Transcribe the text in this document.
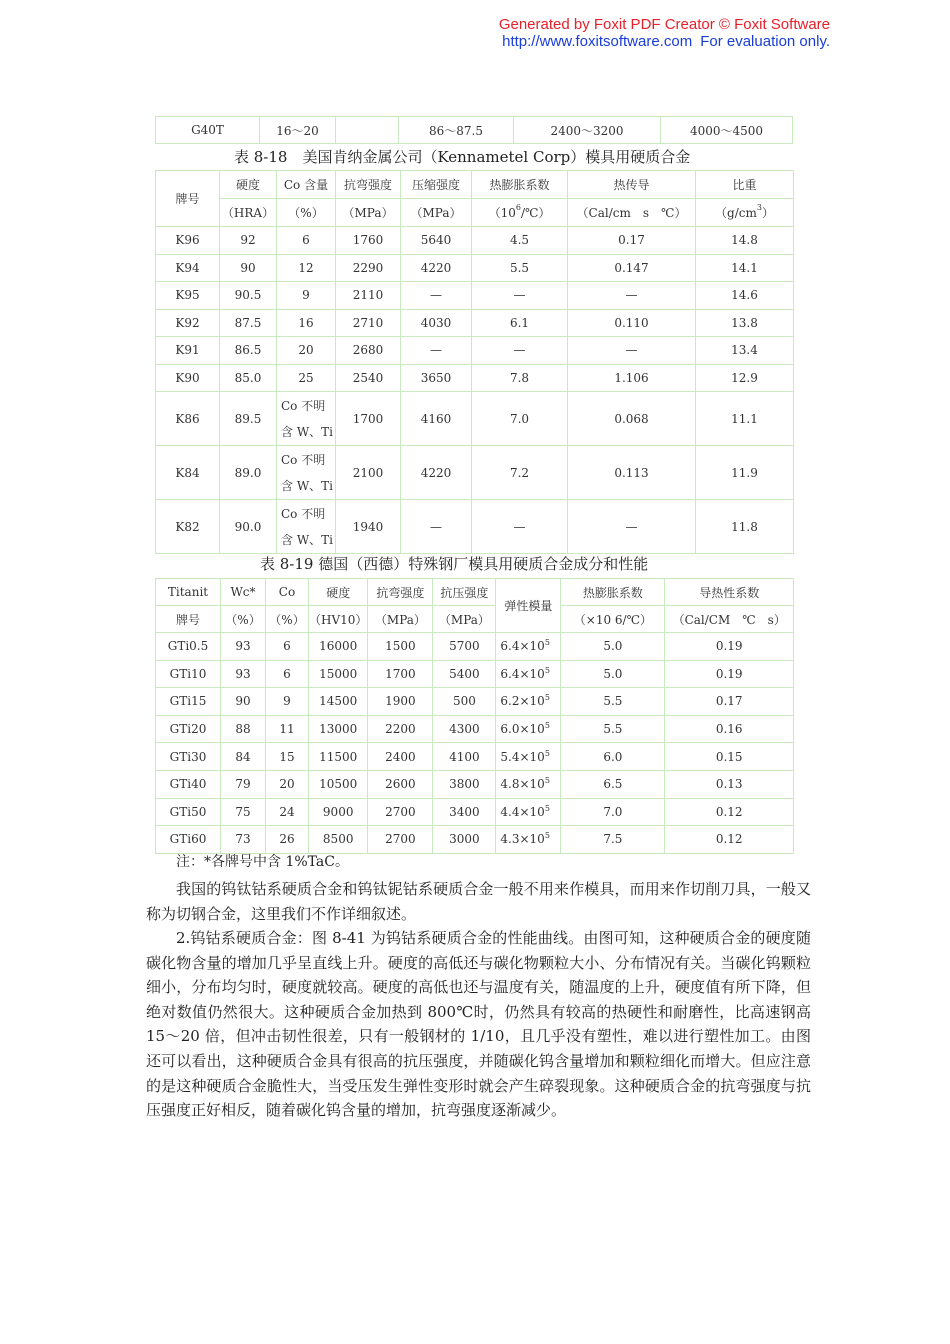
Generated by Foxit PDF Creator © Foxit Software
http://www.foxitsoftware.com For evaluation only.
G40T	16～20		86～87.5	2400～3200	4000～4500
表 8-18　美国肯纳金属公司（Kennametel Corp）模具用硬质合金
牌号	硬度	Co 含量	抗弯强度	压缩强度	热膨胀系数	热传导	比重
	（HRA）	（%）	（MPa）	（MPa）	$(10^6/℃)$	（Cal/cm　s　℃）	$(g/cm^3)$
K96	92	6	1760	5640	4.5	0.17	14.8
K94	90	12	2290	4220	5.5	0.147	14.1
K95	90.5	9	2110	—	—	—	14.6
K92	87.5	16	2710	4030	6.1	0.110	13.8
K91	86.5	20	2680	—	—	—	13.4
K90	85.0	25	2540	3650	7.8	1.106	12.9
K86	89.5	Co 不明
含 W、Ti	1700	4160	7.0	0.068	11.1
K84	89.0	Co 不明
含 W、Ti	2100	4220	7.2	0.113	11.9
K82	90.0	Co 不明
含 W、Ti	1940	—	—	—	11.8
表 8-19 德国（西德）特殊钢厂模具用硬质合金成分和性能
Titanit	Wc*	Co	硬度	抗弯强度	抗压强度	弹性模量	热膨胀系数	导热性系数
牌号	（%）	（%）	（HV10）	（MPa）	（MPa）		（×10 6/℃）	（Cal/CM　℃　s）
GTi0.5	93	6	16000	1500	5700	$6.4\times 10^5$	5.0	0.19
GTi10	93	6	15000	1700	5400	$6.4\times 10^5$	5.0	0.19
GTi15	90	9	14500	1900	500	$6.2\times 10^5$	5.5	0.17
GTi20	88	11	13000	2200	4300	$6.0\times 10^5$	5.5	0.16
GTi30	84	15	11500	2400	4100	$5.4\times 10^5$	6.0	0.15
GTi40	79	20	10500	2600	3800	$4.8\times 10^5$	6.5	0.13
GTi50	75	24	9000	2700	3400	$4.4\times 10^5$	7.0	0.12
GTi60	73	26	8500	2700	3000	$4.3\times 10^5$	7.5	0.12
注：*各牌号中含 1%TaC。
我国的钨钛钴系硬质合金和钨钛铌钴系硬质合金一般不用来作模具，而用来作切削刀具，一般又称为切钢合金，这里我们不作详细叙述。
2.钨钴系硬质合金：图 8-41 为钨钴系硬质合金的性能曲线。由图可知，这种硬质合金的硬度随碳化物含量的增加几乎呈直线上升。硬度的高低还与碳化物颗粒大小、分布情况有关。当碳化钨颗粒细小，分布均匀时，硬度就较高。硬度的高低也还与温度有关，随温度的上升，硬度值有所下降，但绝对数值仍然很大。这种硬质合金加热到 800℃时，仍然具有较高的热硬性和耐磨性，比高速钢高 15～20 倍，但冲击韧性很差，只有一般钢材的 1/10，且几乎没有塑性，难以进行塑性加工。由图还可以看出，这种硬质合金具有很高的抗压强度，并随碳化钨含量增加和颗粒细化而增大。但应注意的是这种硬质合金脆性大，当受压发生弹性变形时就会产生碎裂现象。这种硬质合金的抗弯强度与抗压强度正好相反，随着碳化钨含量的增加，抗弯强度逐渐减少。
